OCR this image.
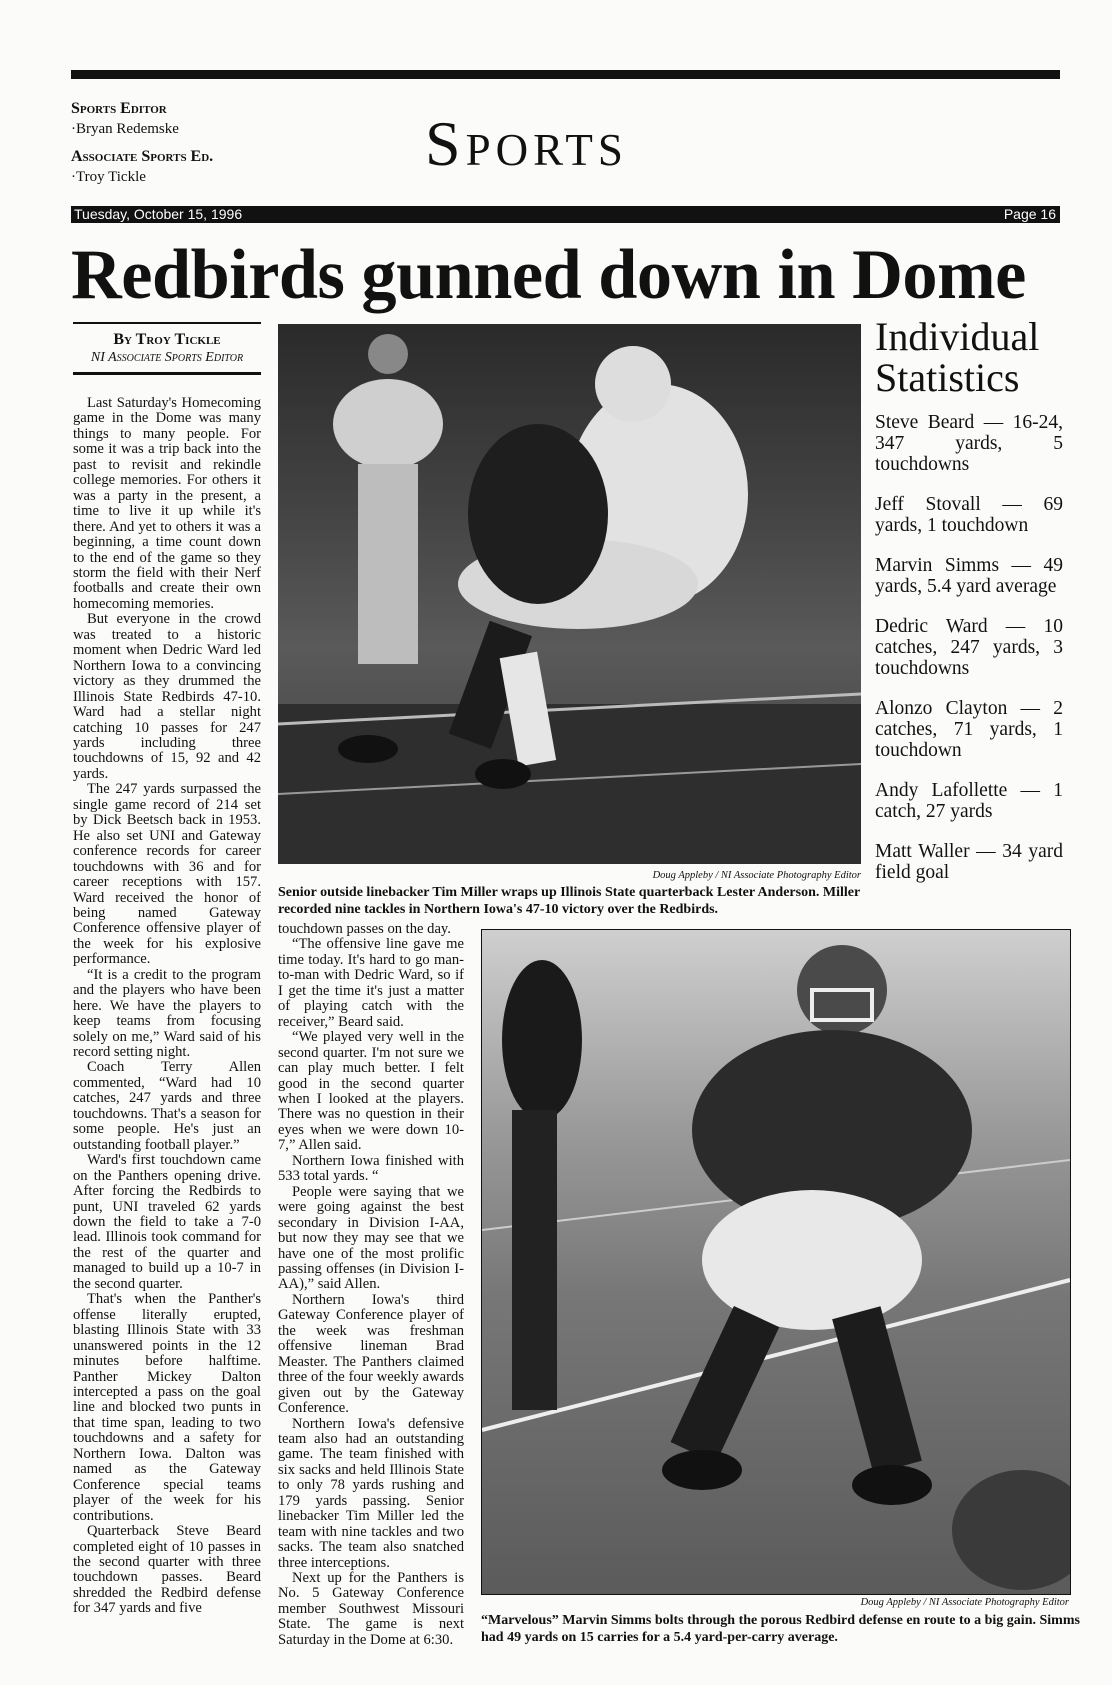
Sports Editor
·Bryan Redemske
Associate Sports Ed.
·Troy Tickle	Sports
Tuesday, October 15, 1996	Page 16
Redbirds gunned down in Dome
By Troy Tickle
NI Associate Sports Editor

Last Saturday's Homecoming game in the Dome was many things to many people. For some it was a trip back into the past to revisit and rekindle college memories. For others it was a party in the present, a time to live it up while it's there. And yet to others it was a beginning, a time count down to the end of the game so they storm the field with their Nerf footballs and create their own homecoming memories.

But everyone in the crowd was treated to a historic moment when Dedric Ward led Northern Iowa to a convincing victory as they drummed the Illinois State Redbirds 47-10. Ward had a stellar night catching 10 passes for 247 yards including three touchdowns of 15, 92 and 42 yards.

The 247 yards surpassed the single game record of 214 set by Dick Beetsch back in 1953. He also set UNI and Gateway conference records for career touchdowns with 36 and for career receptions with 157. Ward received the honor of being named Gateway Conference offensive player of the week for his explosive performance.

“It is a credit to the program and the players who have been here. We have the players to keep teams from focusing solely on me,” Ward said of his record setting night.

Coach Terry Allen commented, “Ward had 10 catches, 247 yards and three touchdowns. That's a season for some people. He's just an outstanding football player.”

Ward's first touchdown came on the Panthers opening drive. After forcing the Redbirds to punt, UNI traveled 62 yards down the field to take a 7-0 lead. Illinois took command for the rest of the quarter and managed to build up a 10-7 in the second quarter.

That's when the Panther's offense literally erupted, blasting Illinois State with 33 unanswered points in the 12 minutes before halftime. Panther Mickey Dalton intercepted a pass on the goal line and blocked two punts in that time span, leading to two touchdowns and a safety for Northern Iowa. Dalton was named as the Gateway Conference special teams player of the week for his contributions.

Quarterback Steve Beard completed eight of 10 passes in the second quarter with three touchdown passes. Beard shredded the Redbird defense for 347 yards and five

Doug Appleby / NI Associate Photography Editor
Senior outside linebacker Tim Miller wraps up Illinois State quarterback Lester Anderson. Miller recorded nine tackles in Northern Iowa's 47-10 victory over the Redbirds.

touchdown passes on the day.

“The offensive line gave me time today. It's hard to go man-to-man with Dedric Ward, so if I get the time it's just a matter of playing catch with the receiver,” Beard said.

“We played very well in the second quarter. I'm not sure we can play much better. I felt good in the second quarter when I looked at the players. There was no question in their eyes when we were down 10-7,” Allen said.

Northern Iowa finished with 533 total yards. “

People were saying that we were going against the best secondary in Division I-AA, but now they may see that we have one of the most prolific passing offenses (in Division I-AA),” said Allen.

Northern Iowa's third Gateway Conference player of the week was freshman offensive lineman Brad Measter. The Panthers claimed three of the four weekly awards given out by the Gateway Conference.

Northern Iowa's defensive team also had an outstanding game. The team finished with six sacks and held Illinois State to only 78 yards rushing and 179 yards passing. Senior linebacker Tim Miller led the team with nine tackles and two sacks. The team also snatched three interceptions.

Next up for the Panthers is No. 5 Gateway Conference member Southwest Missouri State. The game is next Saturday in the Dome at 6:30.

Doug Appleby / NI Associate Photography Editor
“Marvelous” Marvin Simms bolts through the porous Redbird defense en route to a big gain. Simms had 49 yards on 15 carries for a 5.4 yard-per-carry average.
Individual Statistics

Steve Beard — 16-24, 347 yards, 5 touchdowns

Jeff Stovall — 69 yards, 1 touchdown

Marvin Simms — 49 yards, 5.4 yard average

Dedric Ward — 10 catches, 247 yards, 3 touchdowns

Alonzo Clayton — 2 catches, 71 yards, 1 touchdown

Andy Lafollette — 1 catch, 27 yards

Matt Waller — 34 yard field goal
